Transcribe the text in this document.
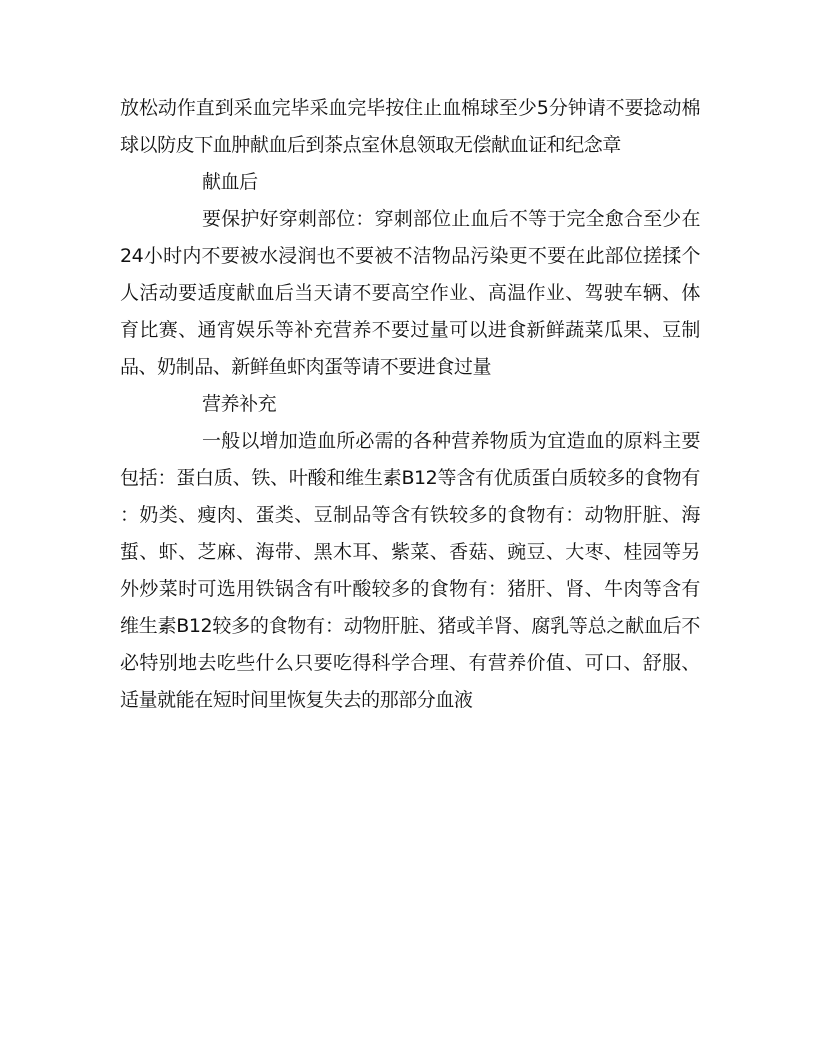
放松动作直到采血完毕采血完毕按住止血棉球至少5分钟请不要捻动棉
球以防皮下血肿献血后到茶点室休息领取无偿献血证和纪念章
献血后
要保护好穿刺部位：穿刺部位止血后不等于完全愈合至少在
24小时内不要被水浸润也不要被不洁物品污染更不要在此部位搓揉个
人活动要适度献血后当天请不要高空作业、高温作业、驾驶车辆、体
育比赛、通宵娱乐等补充营养不要过量可以进食新鲜蔬菜瓜果、豆制
品、奶制品、新鲜鱼虾肉蛋等请不要进食过量
营养补充
一般以增加造血所必需的各种营养物质为宜造血的原料主要
包括：蛋白质、铁、叶酸和维生素B12等含有优质蛋白质较多的食物有
：奶类、瘦肉、蛋类、豆制品等含有铁较多的食物有：动物肝脏、海
蜇、虾、芝麻、海带、黑木耳、紫菜、香菇、豌豆、大枣、桂园等另
外炒菜时可选用铁锅含有叶酸较多的食物有：猪肝、肾、牛肉等含有
维生素B12较多的食物有：动物肝脏、猪或羊肾、腐乳等总之献血后不
必特别地去吃些什么只要吃得科学合理、有营养价值、可口、舒服、
适量就能在短时间里恢复失去的那部分血液
